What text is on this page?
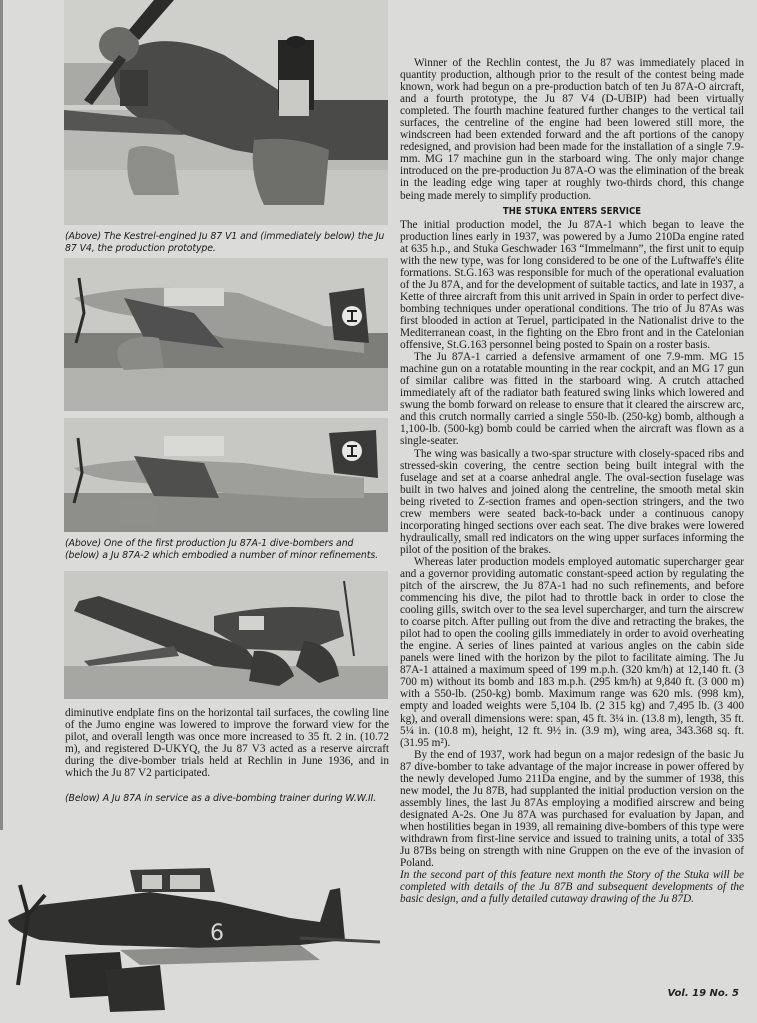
(Above) The Kestrel-engined Ju 87 V1 and (immediately below) the Ju 87 V4, the production prototype.
(Above) One of the first production Ju 87A-1 dive-bombers and (below) a Ju 87A-2 which embodied a number of minor refinements.

diminutive endplate fins on the horizontal tail surfaces, the cowling line of the Jumo engine was lowered to improve the forward view for the pilot, and overall length was once more increased to 35 ft. 2 in. (10.72 m), and registered D-UKYQ, the Ju 87 V3 acted as a reserve aircraft during the dive-bomber trials held at Rechlin in June 1936, and in which the Ju 87 V2 participated.

(Below) A Ju 87A in service as a dive-bombing trainer during W.W.II.
6

Winner of the Rechlin contest, the Ju 87 was immediately placed in quantity production, although prior to the result of the contest being made known, work had begun on a pre-production batch of ten Ju 87A-O aircraft, and a fourth prototype, the Ju 87 V4 (D-UBIP) had been virtually completed. The fourth machine featured further changes to the vertical tail surfaces, the centreline of the engine had been lowered still more, the windscreen had been extended forward and the aft portions of the canopy redesigned, and provision had been made for the installation of a single 7.9-mm. MG 17 machine gun in the starboard wing. The only major change introduced on the pre-production Ju 87A-O was the elimination of the break in the leading edge wing taper at roughly two-thirds chord, this change being made merely to simplify production.

THE STUKA ENTERS SERVICE

The initial production model, the Ju 87A-1 which began to leave the production lines early in 1937, was powered by a Jumo 210Da engine rated at 635 h.p., and Stuka Geschwader 163 “Immelmann”, the first unit to equip with the new type, was for long considered to be one of the Luftwaffe's élite formations. St.G.163 was responsible for much of the operational evaluation of the Ju 87A, and for the development of suitable tactics, and late in 1937, a Kette of three aircraft from this unit arrived in Spain in order to perfect dive-bombing techniques under operational conditions. The trio of Ju 87As was first blooded in action at Teruel, participated in the Nationalist drive to the Mediterranean coast, in the fighting on the Ebro front and in the Catelonian offensive, St.G.163 personnel being posted to Spain on a roster basis.

The Ju 87A-1 carried a defensive armament of one 7.9-mm. MG 15 machine gun on a rotatable mounting in the rear cockpit, and an MG 17 gun of similar calibre was fitted in the starboard wing. A crutch attached immediately aft of the radiator bath featured swing links which lowered and swung the bomb forward on release to ensure that it cleared the airscrew arc, and this crutch normally carried a single 550-lb. (250-kg) bomb, although a 1,100-lb. (500-kg) bomb could be carried when the aircraft was flown as a single-seater.

The wing was basically a two-spar structure with closely-spaced ribs and stressed-skin covering, the centre section being built integral with the fuselage and set at a coarse anhedral angle. The oval-section fuselage was built in two halves and joined along the centreline, the smooth metal skin being riveted to Z-section frames and open-section stringers, and the two crew members were seated back-to-back under a continuous canopy incorporating hinged sections over each seat. The dive brakes were lowered hydraulically, small red indicators on the wing upper surfaces informing the pilot of the position of the brakes.

Whereas later production models employed automatic supercharger gear and a governor providing automatic constant-speed action by regulating the pitch of the airscrew, the Ju 87A-1 had no such refinements, and before commencing his dive, the pilot had to throttle back in order to close the cooling gills, switch over to the sea level supercharger, and turn the airscrew to coarse pitch. After pulling out from the dive and retracting the brakes, the pilot had to open the cooling gills immediately in order to avoid overheating the engine. A series of lines painted at various angles on the cabin side panels were lined with the horizon by the pilot to facilitate aiming. The Ju 87A-1 attained a maximum speed of 199 m.p.h. (320 km/h) at 12,140 ft. (3 700 m) without its bomb and 183 m.p.h. (295 km/h) at 9,840 ft. (3 000 m) with a 550-lb. (250-kg) bomb. Maximum range was 620 mls. (998 km), empty and loaded weights were 5,104 lb. (2 315 kg) and 7,495 lb. (3 400 kg), and overall dimensions were: span, 45 ft. 3¼ in. (13.8 m), length, 35 ft. 5¼ in. (10.8 m), height, 12 ft. 9½ in. (3.9 m), wing area, 343.368 sq. ft. (31.95 m²).

By the end of 1937, work had begun on a major redesign of the basic Ju 87 dive-bomber to take advantage of the major increase in power offered by the newly developed Jumo 211Da engine, and by the summer of 1938, this new model, the Ju 87B, had supplanted the initial production version on the assembly lines, the last Ju 87As employing a modified airscrew and being designated A-2s. One Ju 87A was purchased for evaluation by Japan, and when hostilities began in 1939, all remaining dive-bombers of this type were withdrawn from first-line service and issued to training units, a total of 335 Ju 87Bs being on strength with nine Gruppen on the eve of the invasion of Poland.

In the second part of this feature next month the Story of the Stuka will be completed with details of the Ju 87B and subsequent developments of the basic design, and a fully detailed cutaway drawing of the Ju 87D.

Vol. 19 No. 5
